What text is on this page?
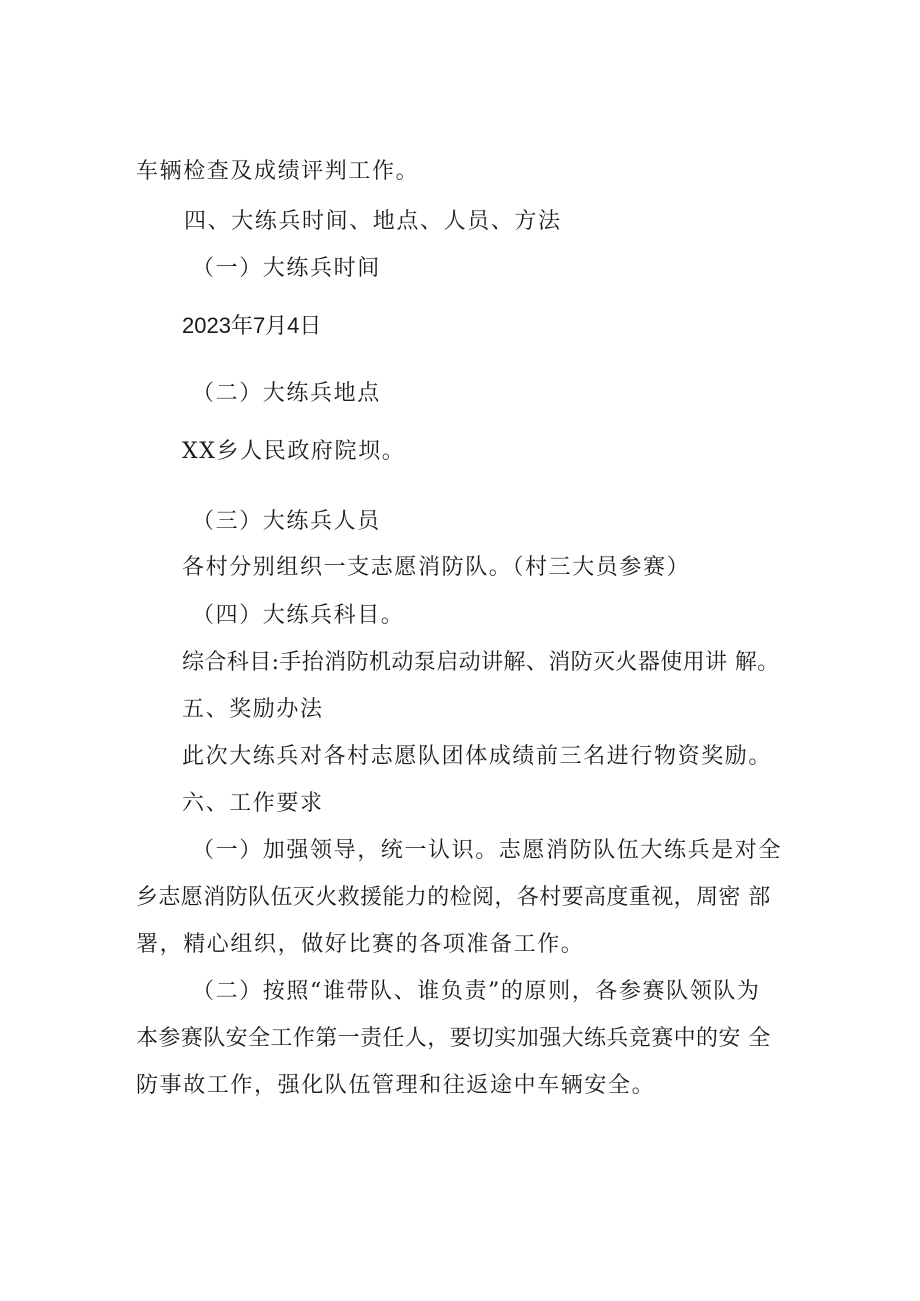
车辆检查及成绩评判工作。
四、大练兵时间、地点、人员、方法
（一）大练兵时间
2023年7月4日
（二）大练兵地点
XX乡人民政府院坝。
（三）大练兵人员
各村分别组织一支志愿消防队。（村三大员参赛）
（四）大练兵科目。
综合科目:手抬消防机动泵启动讲解、消防灭火器使用讲 解。
五、奖励办法
此次大练兵对各村志愿队团体成绩前三名进行物资奖励。
六、工作要求
（一）加强领导，统一认识。志愿消防队伍大练兵是对全
乡志愿消防队伍灭火救援能力的检阅，各村要高度重视，周密 部
署，精心组织，做好比赛的各项准备工作。
（二）按照“谁带队、谁负责”的原则，各参赛队领队为
本参赛队安全工作第一责任人，要切实加强大练兵竞赛中的安 全
防事故工作，强化队伍管理和往返途中车辆安全。
